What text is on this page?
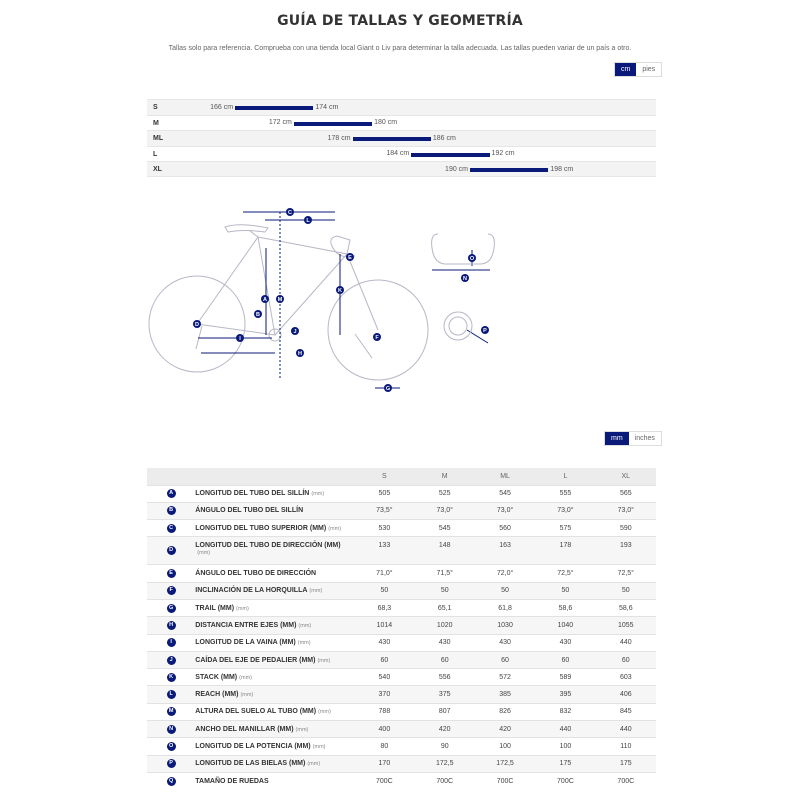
GUÍA DE TALLAS Y GEOMETRÍA
Tallas solo para referencia. Comprueba con una tienda local Giant o Liv para determinar la talla adecuada. Las tallas pueden variar de un país a otro.
cm	pies
S	166 cm	174 cm
M	172 cm	180 cm
ML	178 cm	186 cm
L	184 cm	192 cm
XL	190 cm	198 cm
C
L
A
B
M
E
K
D
I
J
H
F
G
O
N
P
mm	inches
		S	M	ML	L	XL
A	LONGITUD DEL TUBO DEL SILLÍN (mm)	505	525	545	555	565
B	ÁNGULO DEL TUBO DEL SILLÍN	73,5°	73,0°	73,0°	73,0°	73,0°
C	LONGITUD DEL TUBO SUPERIOR (MM) (mm)	530	545	560	575	590
D	LONGITUD DEL TUBO DE DIRECCIÓN (MM)(mm)	133	148	163	178	193
E	ÁNGULO DEL TUBO DE DIRECCIÓN	71,0°	71,5°	72,0°	72,5°	72,5°
F	INCLINACIÓN DE LA HORQUILLA (mm)	50	50	50	50	50
G	TRAIL (MM) (mm)	68,3	65,1	61,8	58,6	58,6
H	DISTANCIA ENTRE EJES (MM) (mm)	1014	1020	1030	1040	1055
I	LONGITUD DE LA VAINA (MM) (mm)	430	430	430	430	440
J	CAÍDA DEL EJE DE PEDALIER (MM) (mm)	60	60	60	60	60
K	STACK (MM) (mm)	540	556	572	589	603
L	REACH (MM) (mm)	370	375	385	395	406
M	ALTURA DEL SUELO AL TUBO (MM) (mm)	788	807	826	832	845
N	ANCHO DEL MANILLAR (MM) (mm)	400	420	420	440	440
O	LONGITUD DE LA POTENCIA (MM) (mm)	80	90	100	100	110
P	LONGITUD DE LAS BIELAS (MM) (mm)	170	172,5	172,5	175	175
Q	TAMAÑO DE RUEDAS	700C	700C	700C	700C	700C
